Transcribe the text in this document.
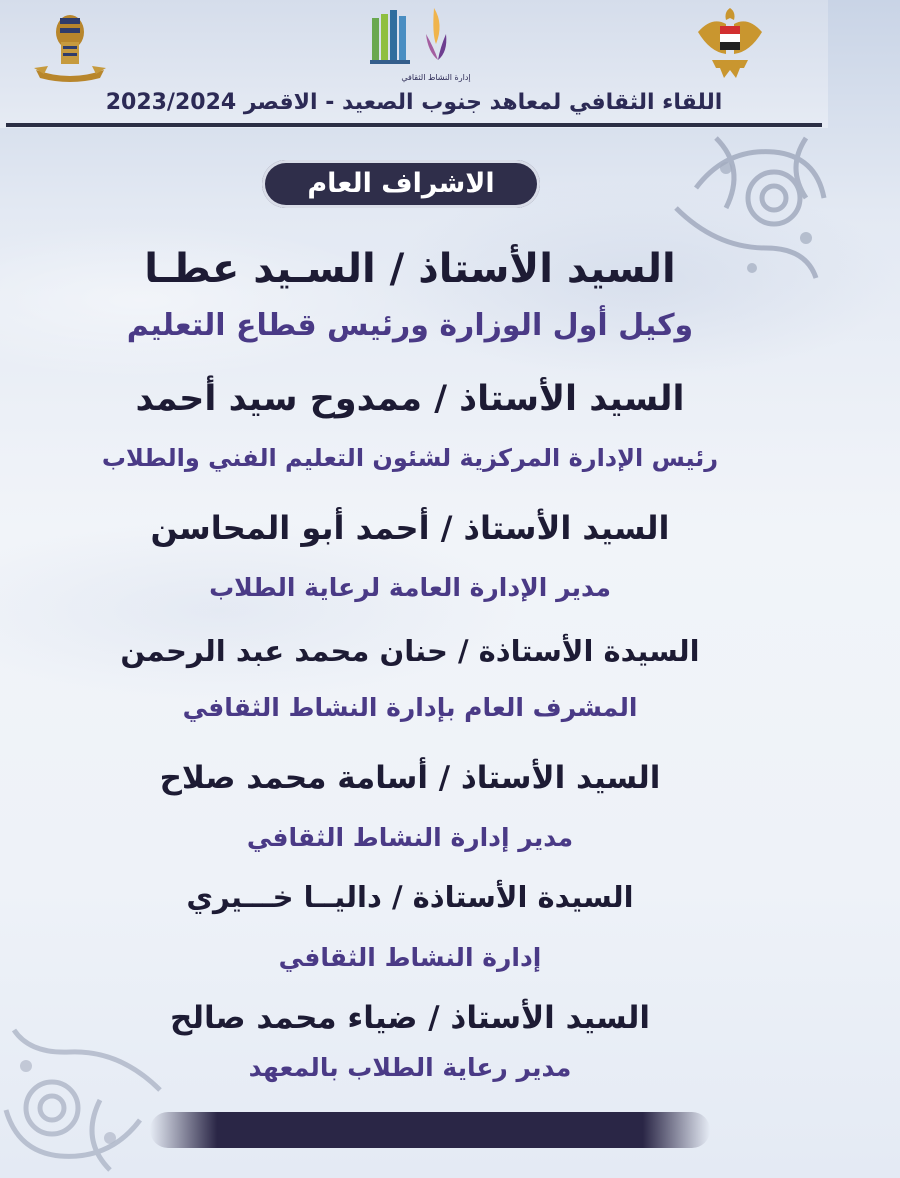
إدارة النشاط الثقافي
اللقاء الثقافي لمعاهد جنوب الصعيد - الاقصر 2023/2024
الاشراف العام
السيد الأستاذ / السـيد عطـا
وكيل أول الوزارة ورئيس قطاع التعليم
السيد الأستاذ / ممدوح سيد أحمد
رئيس الإدارة المركزية لشئون التعليم الفني والطلاب
السيد الأستاذ / أحمد أبو المحاسن
مدير الإدارة العامة لرعاية الطلاب
السيدة الأستاذة / حنان محمد عبد الرحمن
المشرف العام بإدارة النشاط الثقافي
السيد الأستاذ / أسامة محمد صلاح
مدير إدارة النشاط الثقافي
السيدة الأستاذة / داليــا خـــيري
إدارة النشاط الثقافي
السيد الأستاذ / ضياء محمد صالح
مدير رعاية الطلاب بالمعهد
